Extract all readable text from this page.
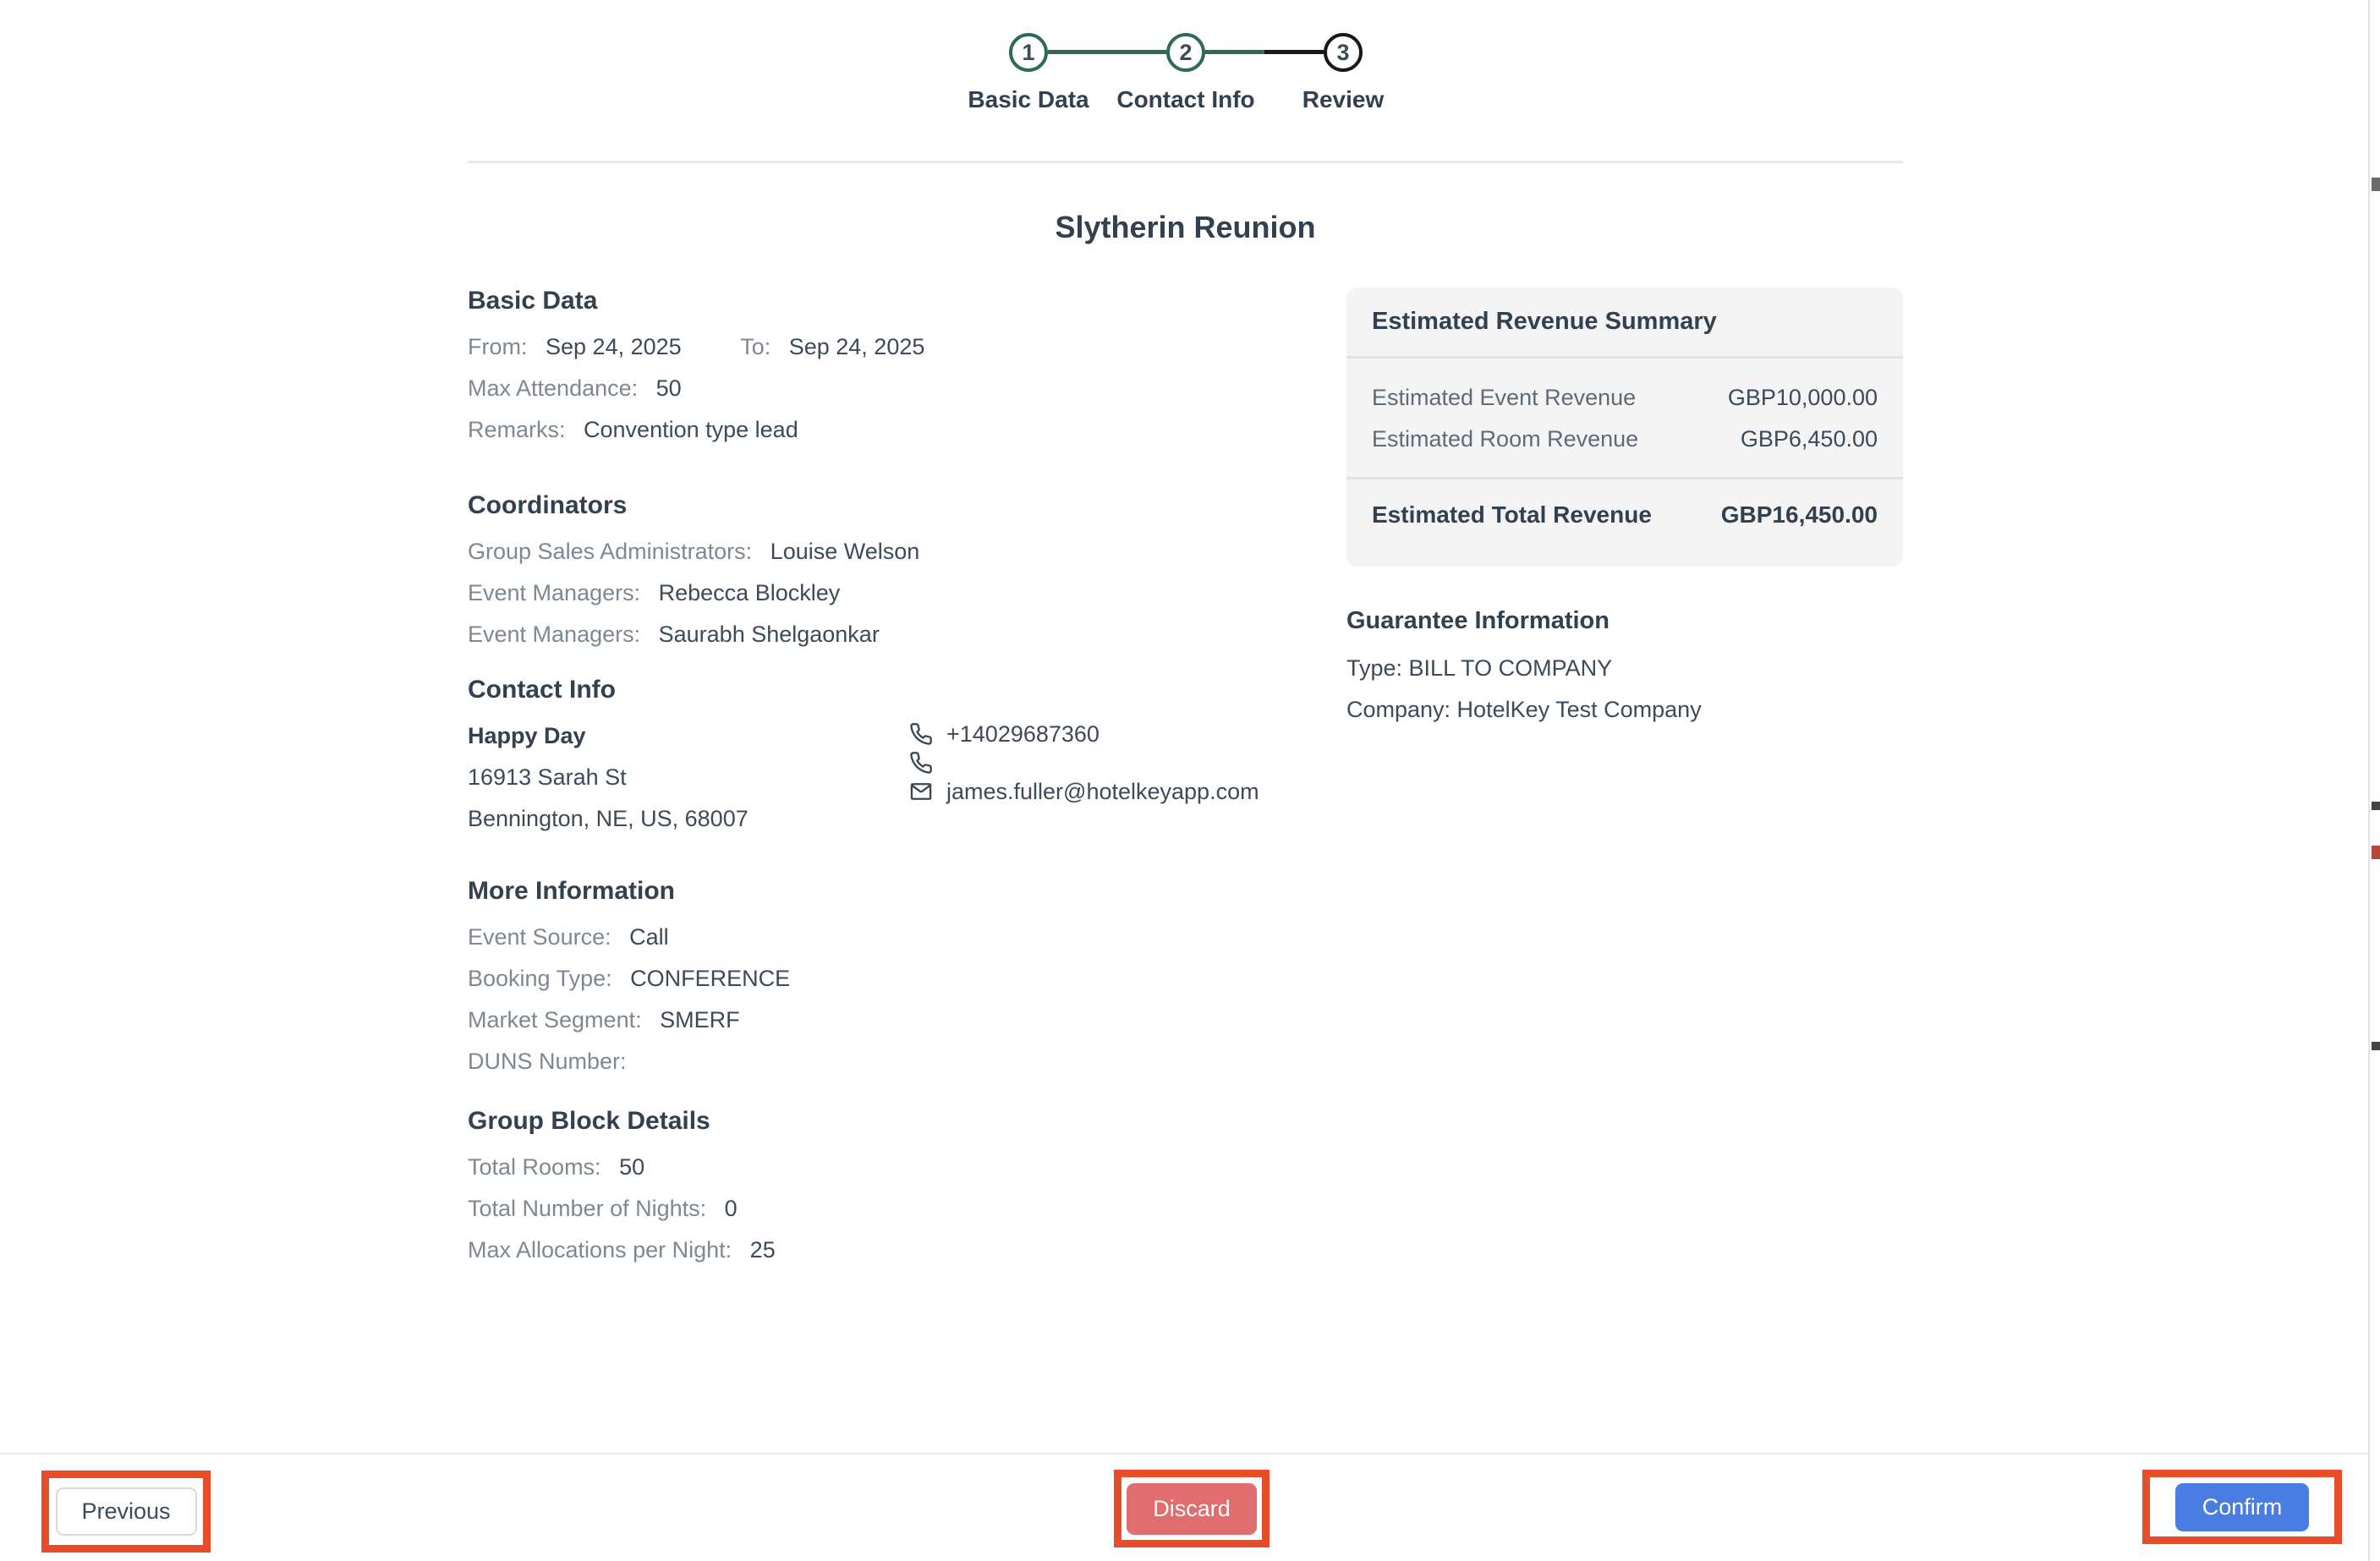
1	2	3
Basic Data Contact Info Review
Slytherin Reunion
Basic Data
From: Sep 24, 2025	To: Sep 24, 2025
Max Attendance: 50
Remarks: Convention type lead
Coordinators
Group Sales Administrators: Louise Welson
Event Managers: Rebecca Blockley
Event Managers: Saurabh Shelgaonkar
Contact Info
Happy Day
16913 Sarah St
Bennington, NE, US, 68007
+14029687360
james.fuller@hotelkeyapp.com
More Information
Event Source: Call
Booking Type: CONFERENCE
Market Segment: SMERF
DUNS Number:
Group Block Details
Total Rooms: 50
Total Number of Nights: 0
Max Allocations per Night: 25
Estimated Revenue Summary
Estimated Event Revenue	GBP10,000.00
Estimated Room Revenue	GBP6,450.00
Estimated Total Revenue	GBP16,450.00
Guarantee Information
Type: BILL TO COMPANY
Company: HotelKey Test Company
Previous	Discard	Confirm
